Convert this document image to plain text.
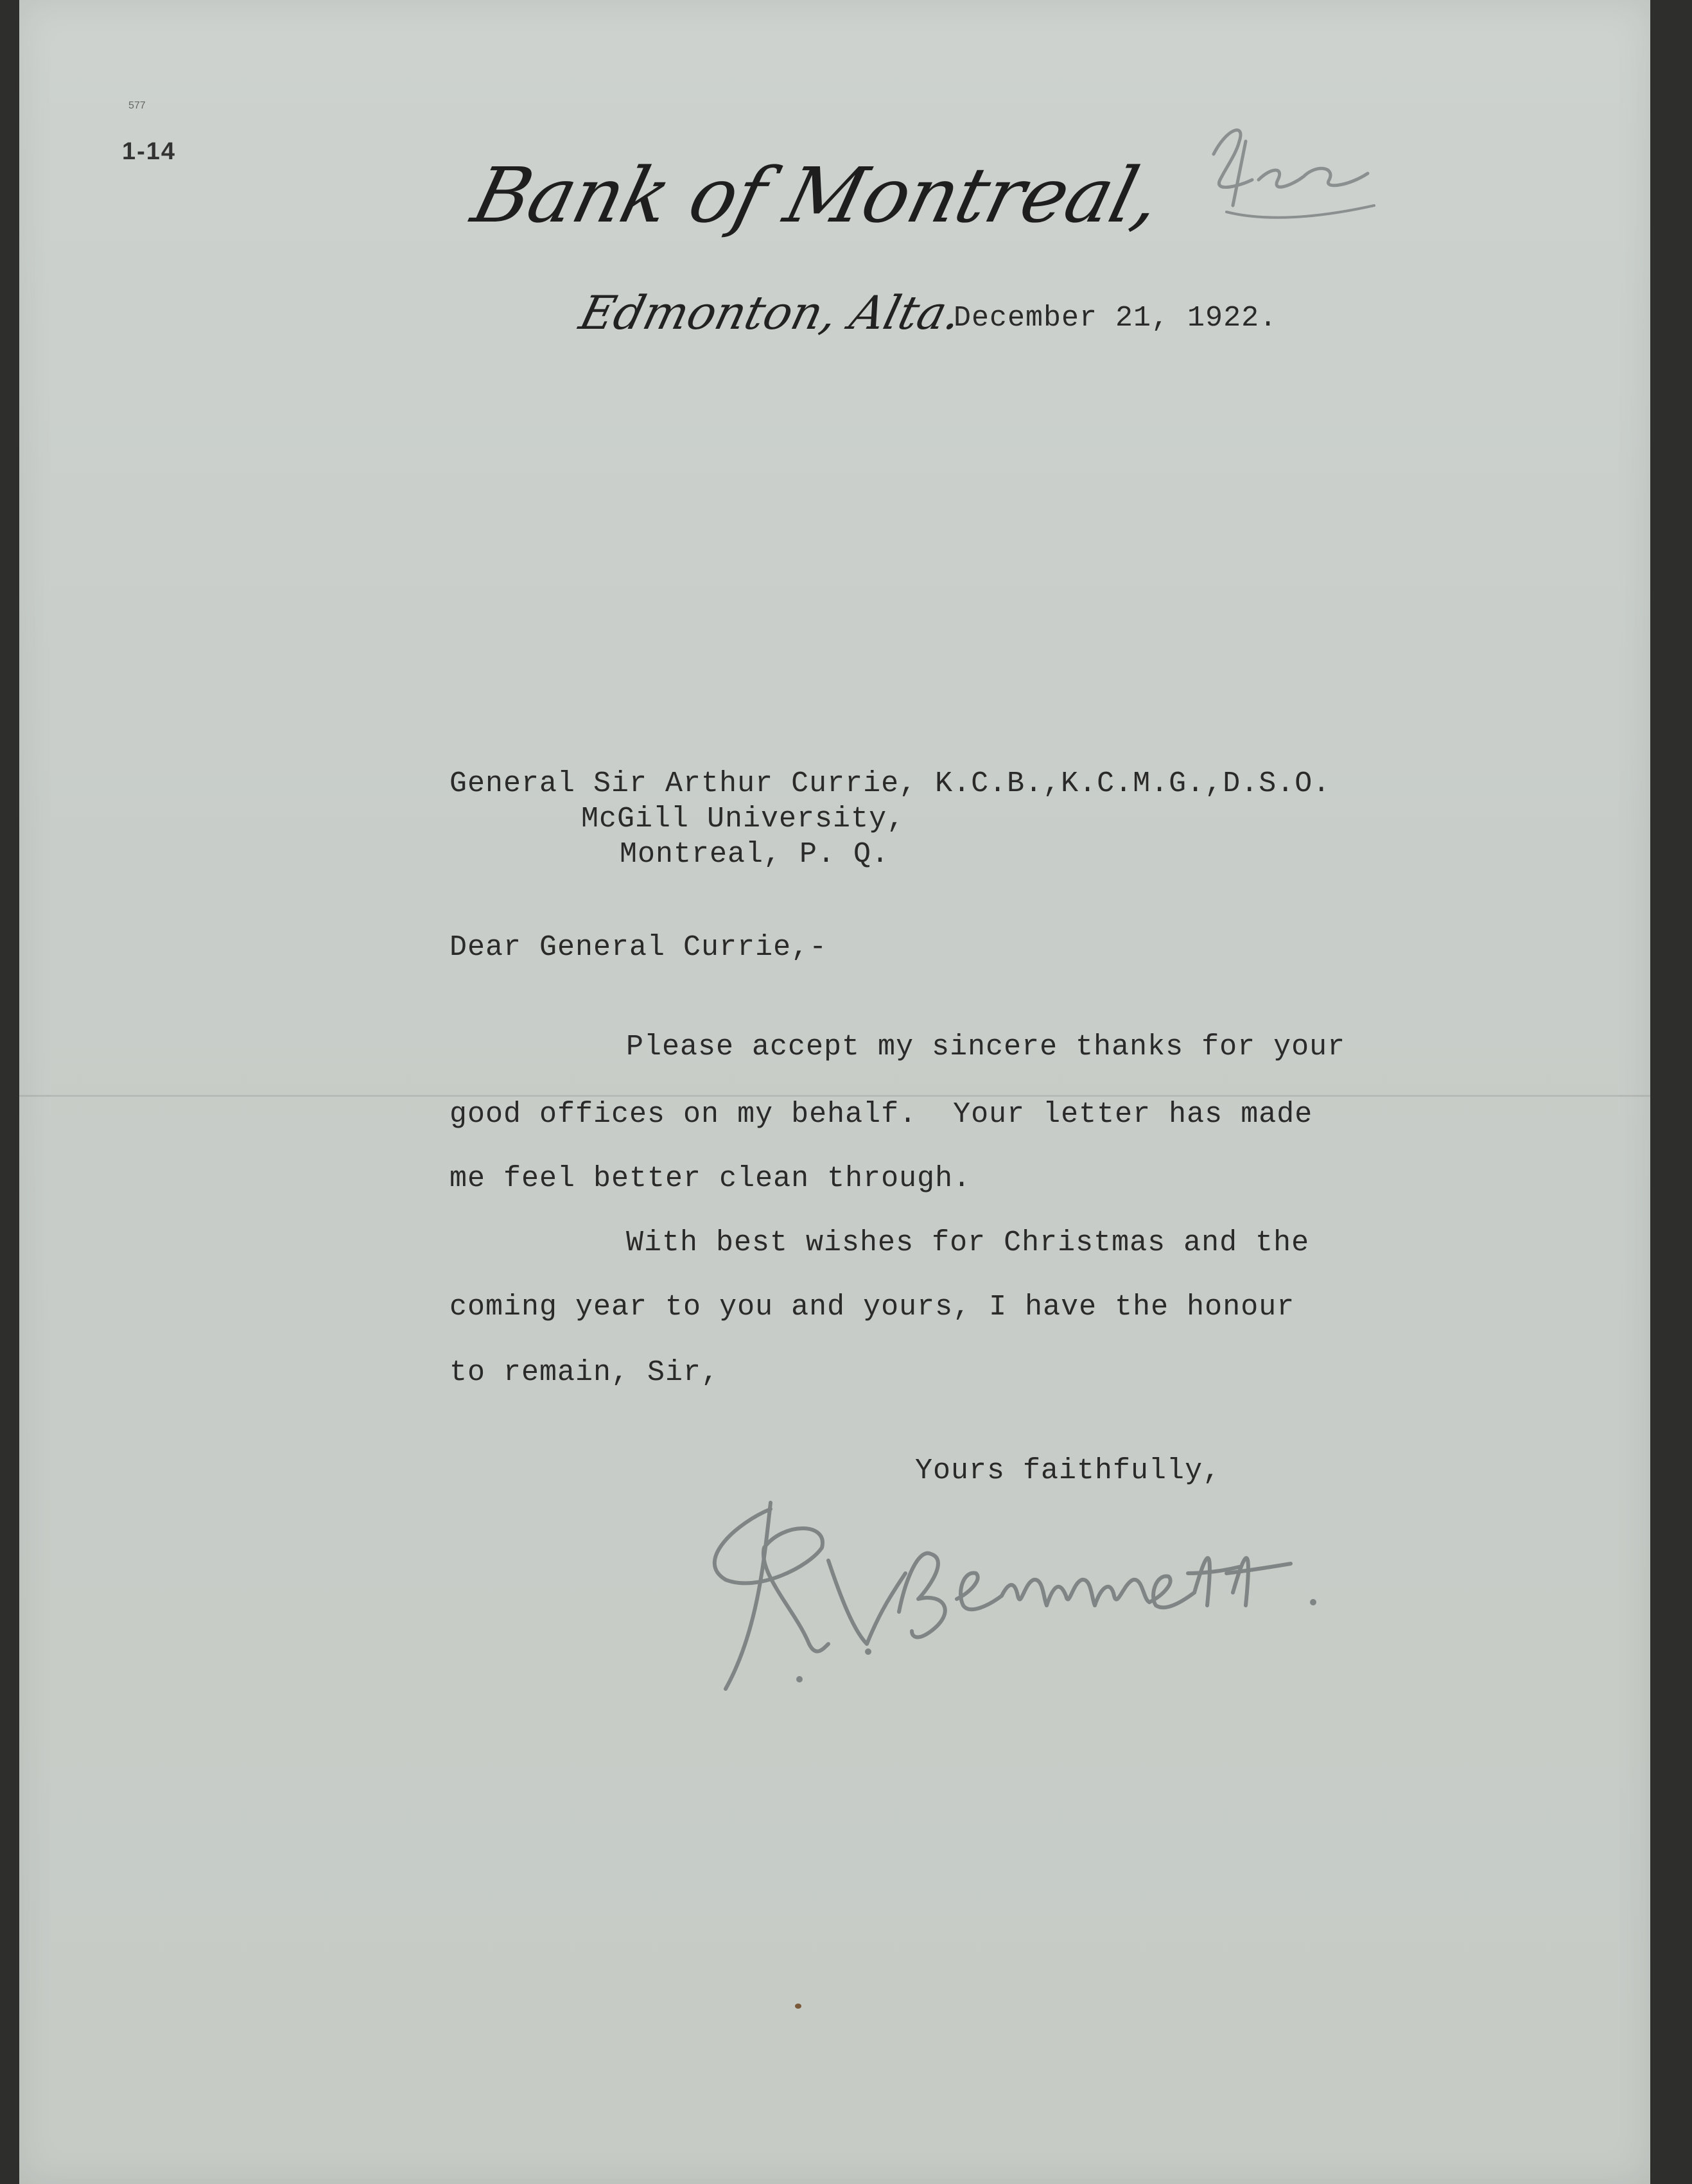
577
1-14	Bank of Montreal,
Edmonton, Alta.
December 21, 1922.
General Sir Arthur Currie, K.C.B.,K.C.M.G.,D.S.O.
McGill University,
Montreal, P. Q.
Dear General Currie,-
Please accept my sincere thanks for your
good offices on my behalf.  Your letter has made
me feel better clean through.
With best wishes for Christmas and the
coming year to you and yours, I have the honour
to remain, Sir,
Yours faithfully,
